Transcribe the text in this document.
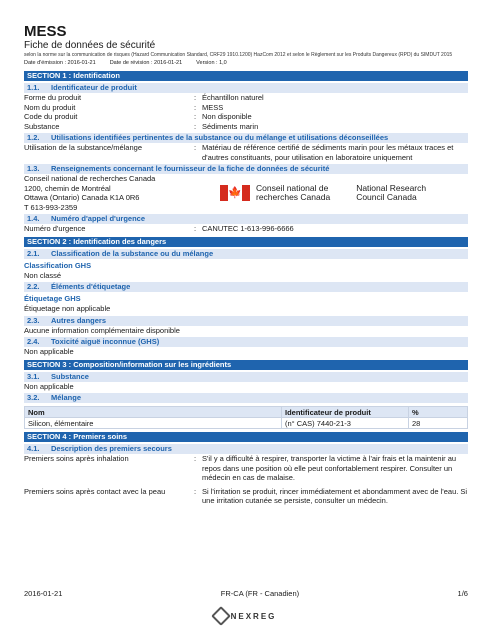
MESS
Fiche de données de sécurité
selon la norme sur la communication de risques (Hazard Communication Standard, CRF29 1910.1200) HazCom 2012 et selon le Règlement sur les Produits Dangereux (RPD) du SIMDUT 2015
Date d'émission : 2016-01-21	Date de révision : 2016-01-21	Version : 1,0
SECTION 1 : Identification
1.1.	Identificateur de produit
Forme du produit	: Échantillon naturel
Nom du produit	: MESS
Code du produit	: Non disponible
Substance	: Sédiments marin
1.2.	Utilisations identifiées pertinentes de la substance ou du mélange et utilisations déconseillées
Utilisation de la substance/mélange	: Matériau de référence certifié de sédiments marin pour les métaux traces et d'autres constituants, pour utilisation en laboratoire uniquement
1.3.	Renseignements concernant le fournisseur de la fiche de données de sécurité
Conseil national de recherches Canada
1200, chemin de Montréal
Ottawa (Ontario) Canada K1A 0R6
T 613-993-2359
🍁 Conseil national de
recherches Canada
National Research
Council Canada
1.4.	Numéro d'appel d'urgence
Numéro d'urgence	: CANUTEC 1-613-996-6666
SECTION 2 : Identification des dangers
2.1.	Classification de la substance ou du mélange
Classification GHS
Non classé
2.2.	Éléments d'étiquetage
Étiquetage GHS
Étiquetage non applicable
2.3.	Autres dangers
Aucune information complémentaire disponible
2.4.	Toxicité aiguë inconnue (GHS)
Non applicable
SECTION 3 : Composition/information sur les ingrédients
3.1.	Substance
Non applicable
3.2.	Mélange
Nom	Identificateur de produit	%
Silicon, élémentaire	(n° CAS) 7440-21-3	28
SECTION 4 : Premiers soins
4.1.	Description des premiers secours
Premiers soins après inhalation	: S'il y a difficulté à respirer, transporter la victime à l'air frais et la maintenir au repos dans une position où elle peut confortablement respirer. Consulter un médecin en cas de malaise.
Premiers soins après contact avec la peau	: Si l'irritation se produit, rincer immédiatement et abondamment avec de l'eau. Si une irritation cutanée se persiste, consulter un médecin.
2016-01-21	FR-CA (FR - Canadien)	1/6
NEXREG
